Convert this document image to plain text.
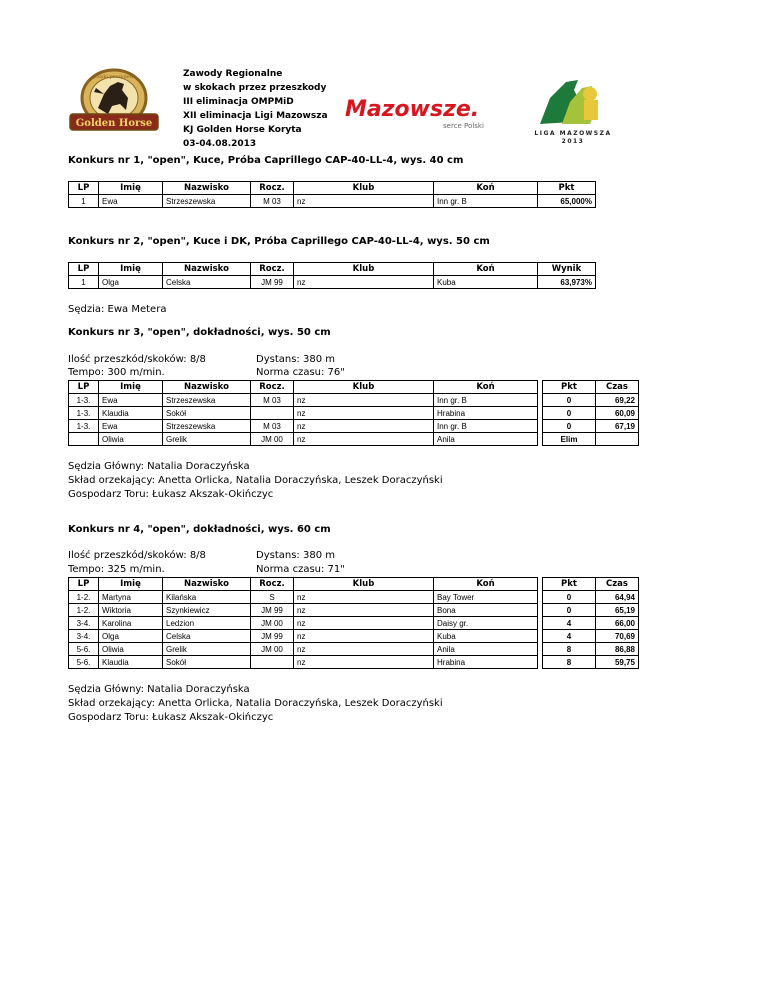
Golden Horse
polski prezydent	Zawody Regionalne
w skokach przez przeszkody
III eliminacja OMPMiD
XII eliminacja Ligi Mazowsza
KJ Golden Horse Koryta
03-04.08.2013
Mazowsze.
serce Polski
LIGA MAZOWSZA
2013
Konkurs nr 1, "open", Kuce, Próba Caprillego CAP-40-LL-4, wys. 40 cm
LP	Imię	Nazwisko	Rocz.	Klub	Koń	Pkt
1	Ewa	Strzeszewska	M 03	nz	Inn gr. B	65,000%
Konkurs nr 2, "open", Kuce i DK, Próba Caprillego CAP-40-LL-4, wys. 50 cm
LP	Imię	Nazwisko	Rocz.	Klub	Koń	Wynik
1	Olga	Celska	JM 99	nz	Kuba	63,973%
Sędzia: Ewa Metera
Konkurs nr 3, "open", dokładności, wys. 50 cm
Ilość przeszkód/skoków: 8/8
Tempo: 300 m/min.
Dystans: 380 m
Norma czasu: 76"
LP	Imię	Nazwisko	Rocz.	Klub	Koń		Pkt	Czas
1-3.	Ewa	Strzeszewska	M 03	nz	Inn gr. B		0	69,22
1-3.	Klaudia	Sokół		nz	Hrabina		0	60,09
1-3.	Ewa	Strzeszewska	M 03	nz	Inn gr. B		0	67,19
	Oliwia	Grelik	JM 00	nz	Anila		Elim	
Sędzia Główny: Natalia Doraczyńska
Skład orzekający: Anetta Orlicka, Natalia Doraczyńska, Leszek Doraczyński
Gospodarz Toru: Łukasz Akszak-Okińczyc
Konkurs nr 4, "open", dokładności, wys. 60 cm
Ilość przeszkód/skoków: 8/8
Tempo: 325 m/min.
Dystans: 380 m
Norma czasu: 71"
LP	Imię	Nazwisko	Rocz.	Klub	Koń		Pkt	Czas
1-2.	Martyna	Kilańska	S	nz	Bay Tower		0	64,94
1-2.	Wiktoria	Szynkiewicz	JM 99	nz	Bona		0	65,19
3-4.	Karolina	Ledzion	JM 00	nz	Daisy gr.		4	66,00
3-4.	Olga	Celska	JM 99	nz	Kuba		4	70,69
5-6.	Oliwia	Grelik	JM 00	nz	Anila		8	86,88
5-6.	Klaudia	Sokół		nz	Hrabina		8	59,75
Sędzia Główny: Natalia Doraczyńska
Skład orzekający: Anetta Orlicka, Natalia Doraczyńska, Leszek Doraczyński
Gospodarz Toru: Łukasz Akszak-Okińczyc
